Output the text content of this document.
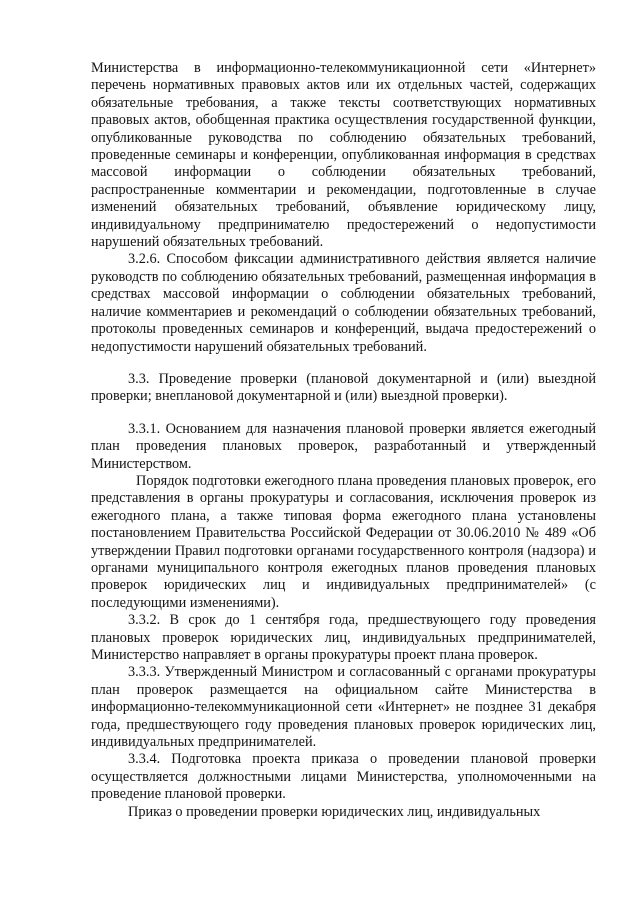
Министерства в информационно-телекоммуникационной сети «Интернет» перечень нормативных правовых актов или их отдельных частей, содержащих обязательные требования, а также тексты соответствующих нормативных правовых актов, обобщенная практика осуществления государственной функции, опубликованные руководства по соблюдению обязательных требований, проведенные семинары и конференции, опубликованная информация в средствах массовой информации о соблюдении обязательных требований, распространенные комментарии и рекомендации, подготовленные в случае изменений обязательных требований, объявление юридическому лицу, индивидуальному предпринимателю предостережений о недопустимости нарушений обязательных требований.

3.2.6. Способом фиксации административного действия является наличие руководств по соблюдению обязательных требований, размещенная информация в средствах массовой информации о соблюдении обязательных требований, наличие комментариев и рекомендаций о соблюдении обязательных требований, протоколы проведенных семинаров и конференций, выдача предостережений о недопустимости нарушений обязательных требований.

3.3. Проведение проверки (плановой документарной и (или) выездной проверки; внеплановой документарной и (или) выездной проверки).

3.3.1. Основанием для назначения плановой проверки является ежегодный план проведения плановых проверок, разработанный и утвержденный Министерством.

Порядок подготовки ежегодного плана проведения плановых проверок, его представления в органы прокуратуры и согласования, исключения проверок из ежегодного плана, а также типовая форма ежегодного плана установлены постановлением Правительства Российской Федерации от 30.06.2010 № 489 «Об утверждении Правил подготовки органами государственного контроля (надзора) и органами муниципального контроля ежегодных планов проведения плановых проверок юридических лиц и индивидуальных предпринимателей» (с последующими изменениями).

3.3.2. В срок до 1 сентября года, предшествующего году проведения плановых проверок юридических лиц, индивидуальных предпринимателей, Министерство направляет в органы прокуратуры проект плана проверок.

3.3.3. Утвержденный Министром и согласованный с органами прокуратуры план проверок размещается на официальном сайте Министерства в информационно-телекоммуникационной сети «Интернет» не позднее 31 декабря года, предшествующего году проведения плановых проверок юридических лиц, индивидуальных предпринимателей.

3.3.4. Подготовка проекта приказа о проведении плановой проверки осуществляется должностными лицами Министерства, уполномоченными на проведение плановой проверки.

Приказ о проведении проверки юридических лиц, индивидуальных
